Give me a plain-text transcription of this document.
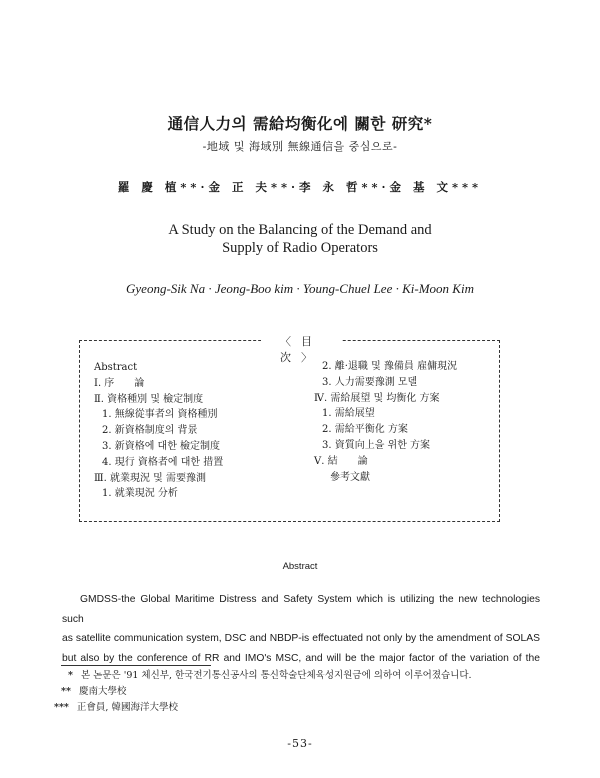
通信人力의 需給均衡化에 關한 研究*
-地域 및 海域別 無線通信을 중심으로-
羅 慶 植**·金 正 夫**·李 永 哲**·金 基 文***
A Study on the Balancing of the Demand and
Supply of Radio Operators
Gyeong-Sik Na · Jeong-Boo kim · Young-Chuel Lee · Ki-Moon Kim
〈目 次〉
Abstract
Ⅰ. 序　　論
Ⅱ. 資格種別 및 檢定制度
1. 無線從事者의 資格種別
2. 新資格制度의 背景
3. 新資格에 대한 檢定制度
4. 現行 資格者에 대한 措置
Ⅲ. 就業現況 및 需要豫測
1. 就業現況 分析
2. 離·退職 및 豫備員 雇傭現況
3. 人力需要豫測 모델
Ⅳ. 需給展望 및 均衡化 方案
1. 需給展望
2. 需給平衡化 方案
3. 資質向上을 위한 方案
Ⅴ. 結　　論
參考文獻
Abstract
GMDSS-the Global Maritime Distress and Safety System which is utilizing the new technologies such
as satellite communication system, DSC and NBDP-is effectuated not only by the amendment of SOLAS
but also by the conference of RR and IMO's MSC, and will be the major factor of the variation of the
* 본 논문은 '91 체신부, 한국전기통신공사의 통신학술단체육성지원금에 의하여 이루어졌습니다.
** 慶南大學校
*** 正會員, 韓國海洋大學校
-53-
